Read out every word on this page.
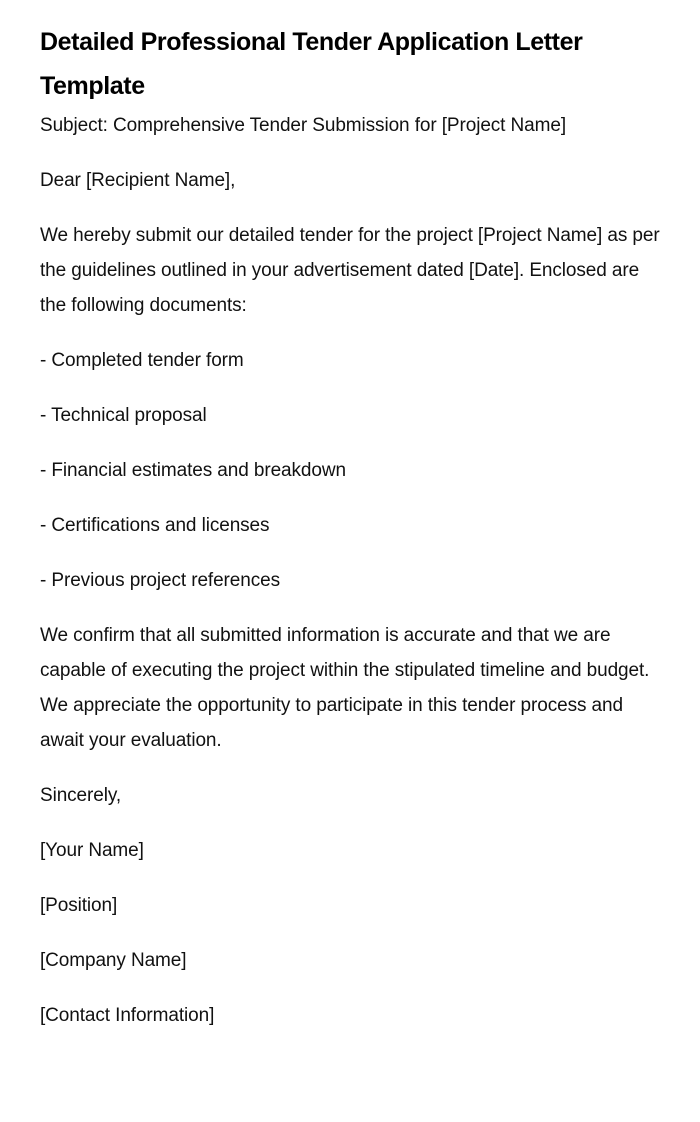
Detailed Professional Tender Application Letter Template

Subject: Comprehensive Tender Submission for [Project Name]

Dear [Recipient Name],

We hereby submit our detailed tender for the project [Project Name] as per the guidelines outlined in your advertisement dated [Date]. Enclosed are the following documents:

- Completed tender form

- Technical proposal

- Financial estimates and breakdown

- Certifications and licenses

- Previous project references

We confirm that all submitted information is accurate and that we are capable of executing the project within the stipulated timeline and budget. We appreciate the opportunity to participate in this tender process and await your evaluation.

Sincerely,

[Your Name]

[Position]

[Company Name]

[Contact Information]
